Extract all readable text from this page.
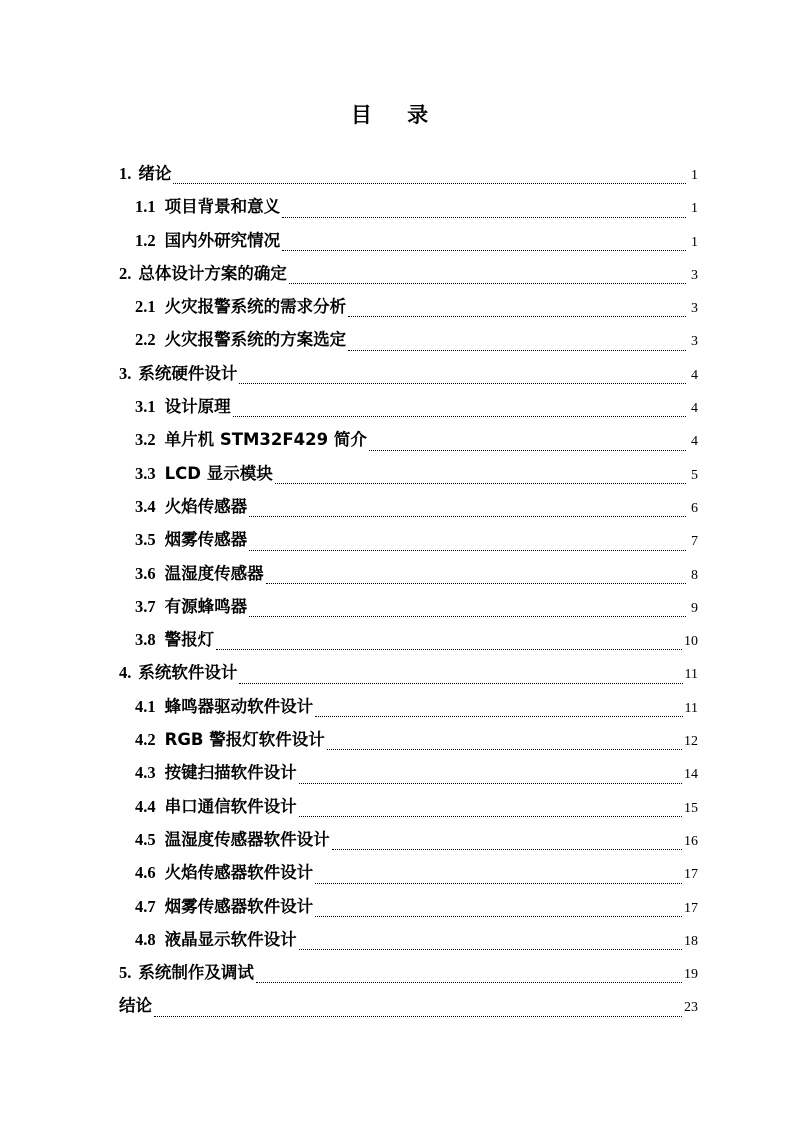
目 录
1. 绪论	1
1.1 项目背景和意义	1
1.2 国内外研究情况	1
2. 总体设计方案的确定	3
2.1 火灾报警系统的需求分析	3
2.2 火灾报警系统的方案选定	3
3. 系统硬件设计	4
3.1 设计原理	4
3.2 单片机 STM32F429 简介	4
3.3 LCD 显示模块	5
3.4 火焰传感器	6
3.5 烟雾传感器	7
3.6 温湿度传感器	8
3.7 有源蜂鸣器	9
3.8 警报灯	10
4. 系统软件设计	11
4.1 蜂鸣器驱动软件设计	11
4.2 RGB 警报灯软件设计	12
4.3 按键扫描软件设计	14
4.4 串口通信软件设计	15
4.5 温湿度传感器软件设计	16
4.6 火焰传感器软件设计	17
4.7 烟雾传感器软件设计	17
4.8 液晶显示软件设计	18
5. 系统制作及调试	19
结论	23
